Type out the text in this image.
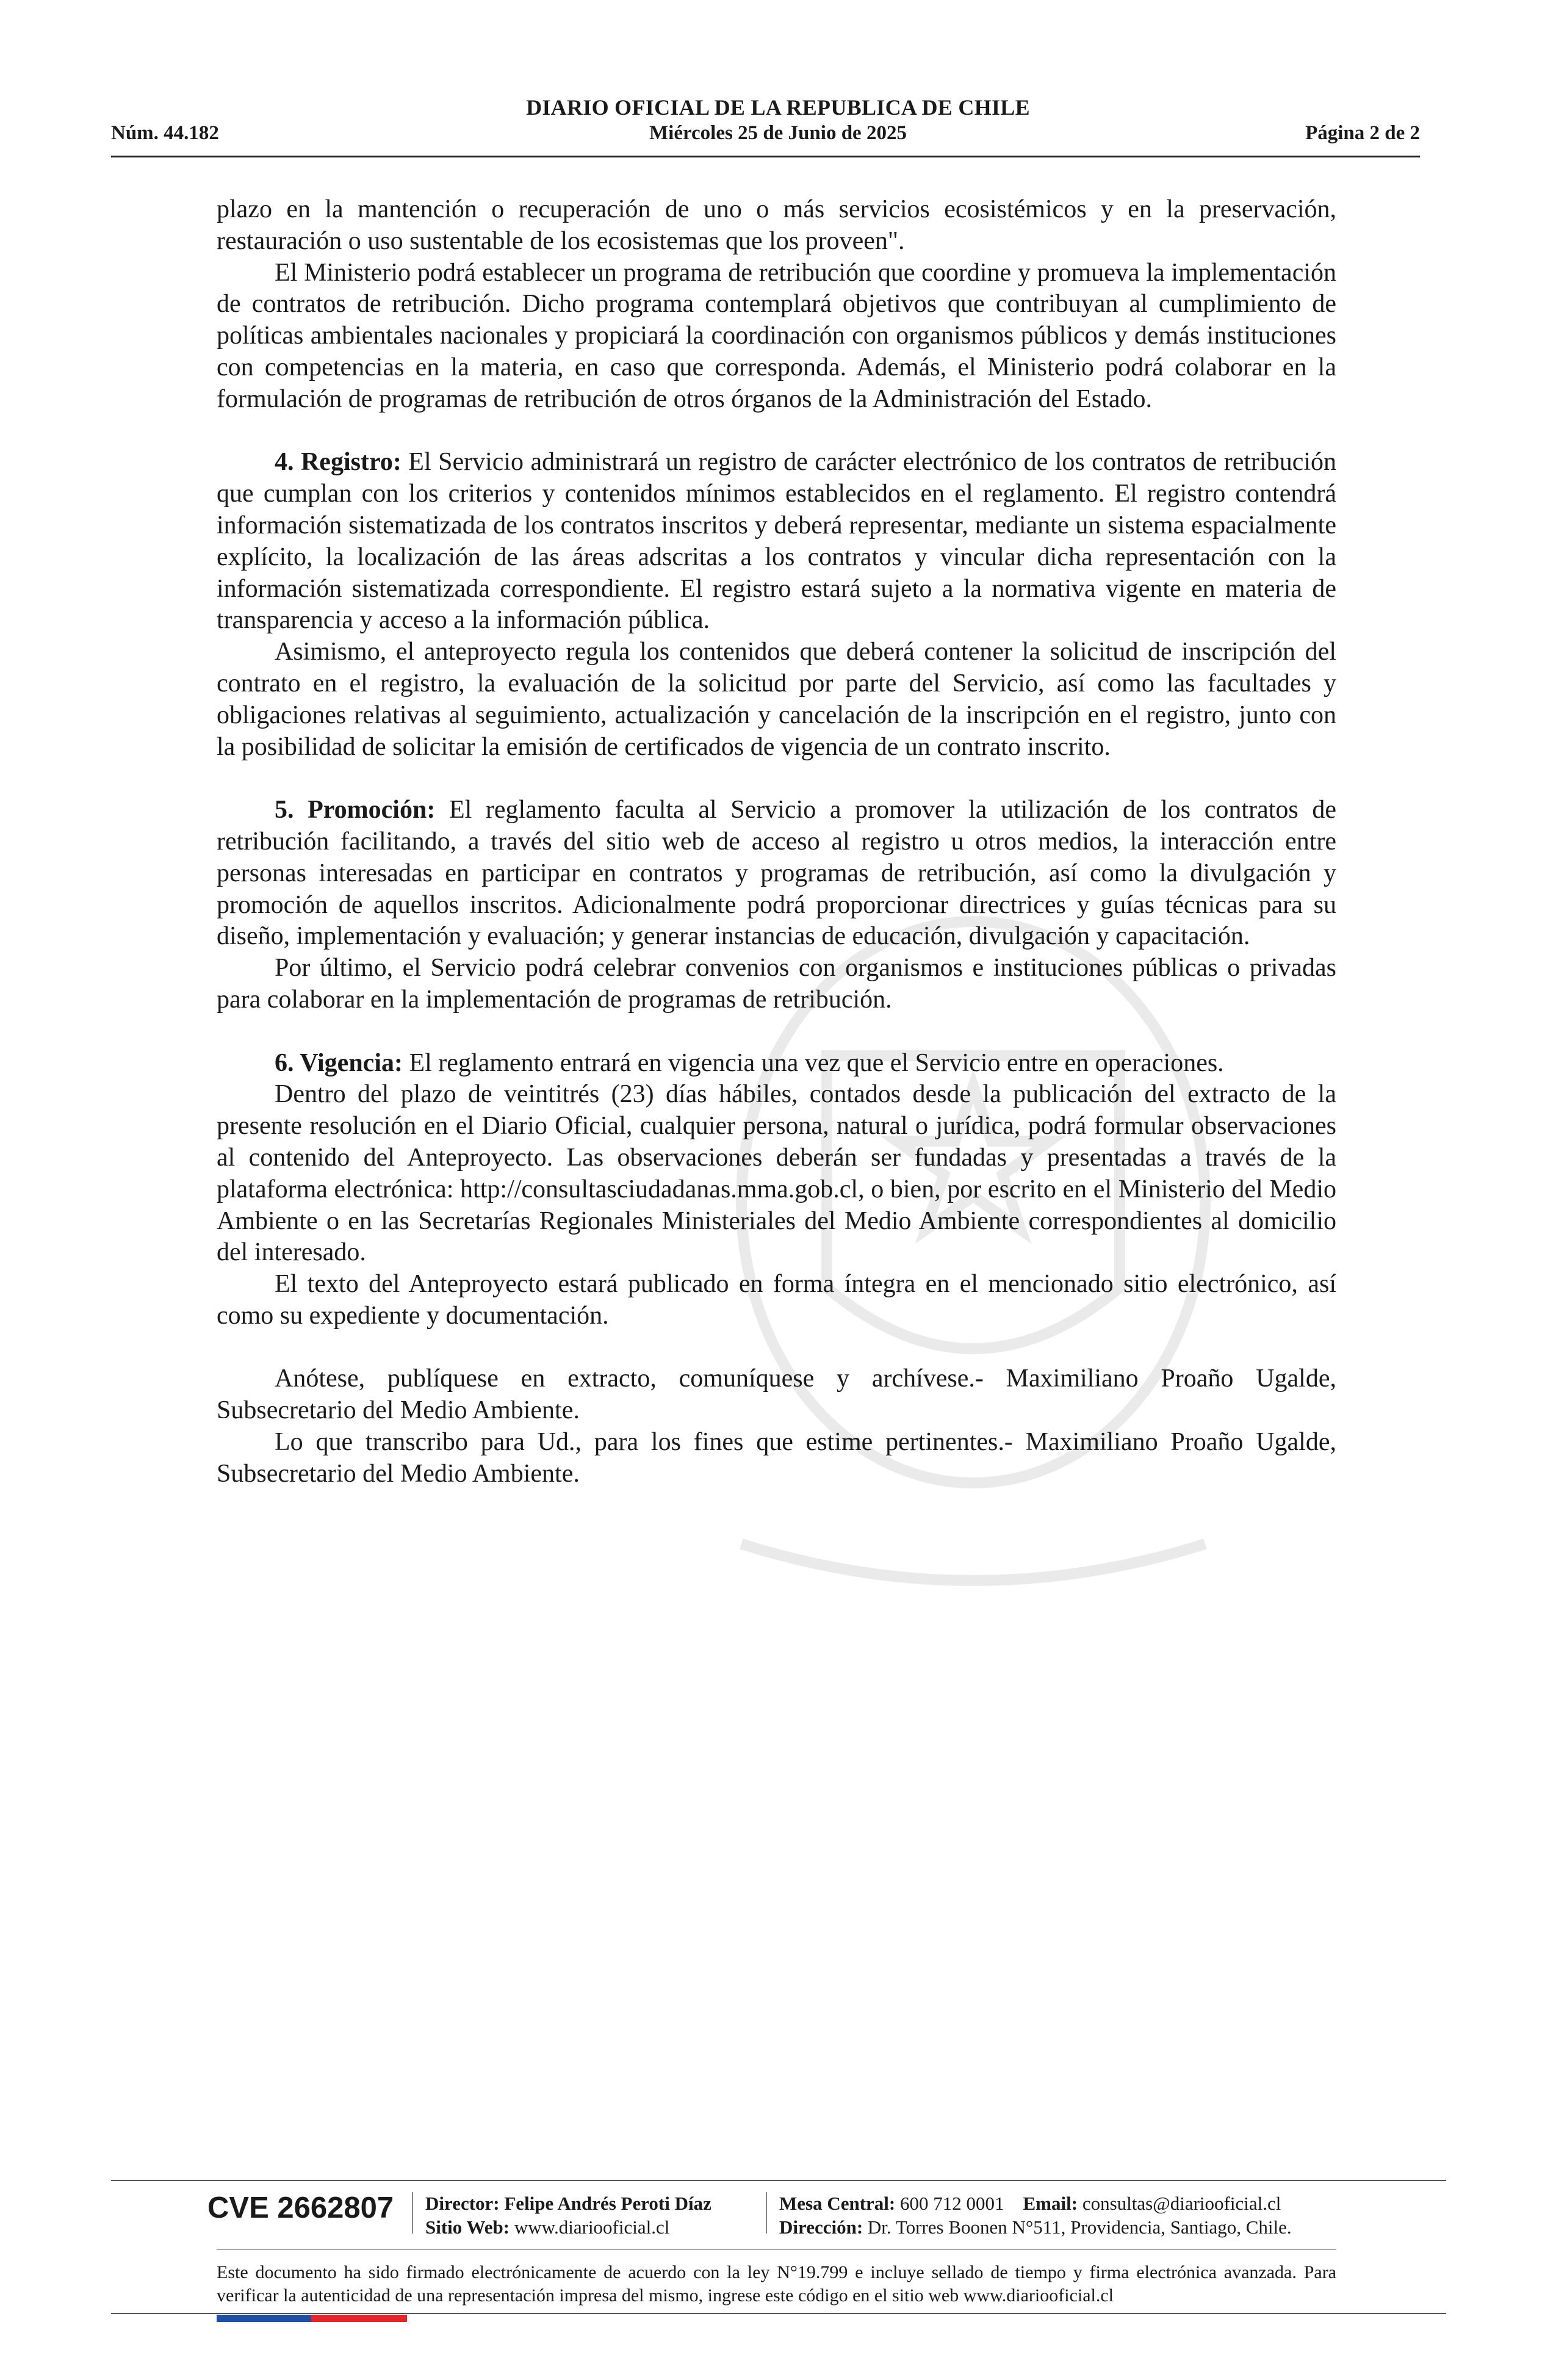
DIARIO OFICIAL DE LA REPUBLICA DE CHILE
Núm. 44.182	Miércoles 25 de Junio de 2025	Página 2 de 2

plazo en la mantención o recuperación de uno o más servicios ecosistémicos y en la preservación, restauración o uso sustentable de los ecosistemas que los proveen".

El Ministerio podrá establecer un programa de retribución que coordine y promueva la implementación de contratos de retribución. Dicho programa contemplará objetivos que contribuyan al cumplimiento de políticas ambientales nacionales y propiciará la coordinación con organismos públicos y demás instituciones con competencias en la materia, en caso que corresponda. Además, el Ministerio podrá colaborar en la formulación de programas de retribución de otros órganos de la Administración del Estado.

4. Registro: El Servicio administrará un registro de carácter electrónico de los contratos de retribución que cumplan con los criterios y contenidos mínimos establecidos en el reglamento. El registro contendrá información sistematizada de los contratos inscritos y deberá representar, mediante un sistema espacialmente explícito, la localización de las áreas adscritas a los contratos y vincular dicha representación con la información sistematizada correspondiente. El registro estará sujeto a la normativa vigente en materia de transparencia y acceso a la información pública.

Asimismo, el anteproyecto regula los contenidos que deberá contener la solicitud de inscripción del contrato en el registro, la evaluación de la solicitud por parte del Servicio, así como las facultades y obligaciones relativas al seguimiento, actualización y cancelación de la inscripción en el registro, junto con la posibilidad de solicitar la emisión de certificados de vigencia de un contrato inscrito.

5. Promoción: El reglamento faculta al Servicio a promover la utilización de los contratos de retribución facilitando, a través del sitio web de acceso al registro u otros medios, la interacción entre personas interesadas en participar en contratos y programas de retribución, así como la divulgación y promoción de aquellos inscritos. Adicionalmente podrá proporcionar directrices y guías técnicas para su diseño, implementación y evaluación; y generar instancias de educación, divulgación y capacitación.

Por último, el Servicio podrá celebrar convenios con organismos e instituciones públicas o privadas para colaborar en la implementación de programas de retribución.

6. Vigencia: El reglamento entrará en vigencia una vez que el Servicio entre en operaciones.

Dentro del plazo de veintitrés (23) días hábiles, contados desde la publicación del extracto de la presente resolución en el Diario Oficial, cualquier persona, natural o jurídica, podrá formular observaciones al contenido del Anteproyecto. Las observaciones deberán ser fundadas y presentadas a través de la plataforma electrónica: http://consultasciudadanas.mma.gob.cl, o bien, por escrito en el Ministerio del Medio Ambiente o en las Secretarías Regionales Ministeriales del Medio Ambiente correspondientes al domicilio del interesado.

El texto del Anteproyecto estará publicado en forma íntegra en el mencionado sitio electrónico, así como su expediente y documentación.

Anótese, publíquese en extracto, comuníquese y archívese.- Maximiliano Proaño Ugalde, Subsecretario del Medio Ambiente.

Lo que transcribo para Ud., para los fines que estime pertinentes.- Maximiliano Proaño Ugalde, Subsecretario del Medio Ambiente.

CVE 2662807 Director: Felipe Andrés Peroti Díaz
Sitio Web: www.diariooficial.cl
Mesa Central: 600 712 0001 Email: consultas@diariooficial.cl
Dirección: Dr. Torres Boonen N°511, Providencia, Santiago, Chile.
Este documento ha sido firmado electrónicamente de acuerdo con la ley N°19.799 e incluye sellado de tiempo y firma electrónica avanzada. Para verificar la autenticidad de una representación impresa del mismo, ingrese este código en el sitio web www.diariooficial.cl
